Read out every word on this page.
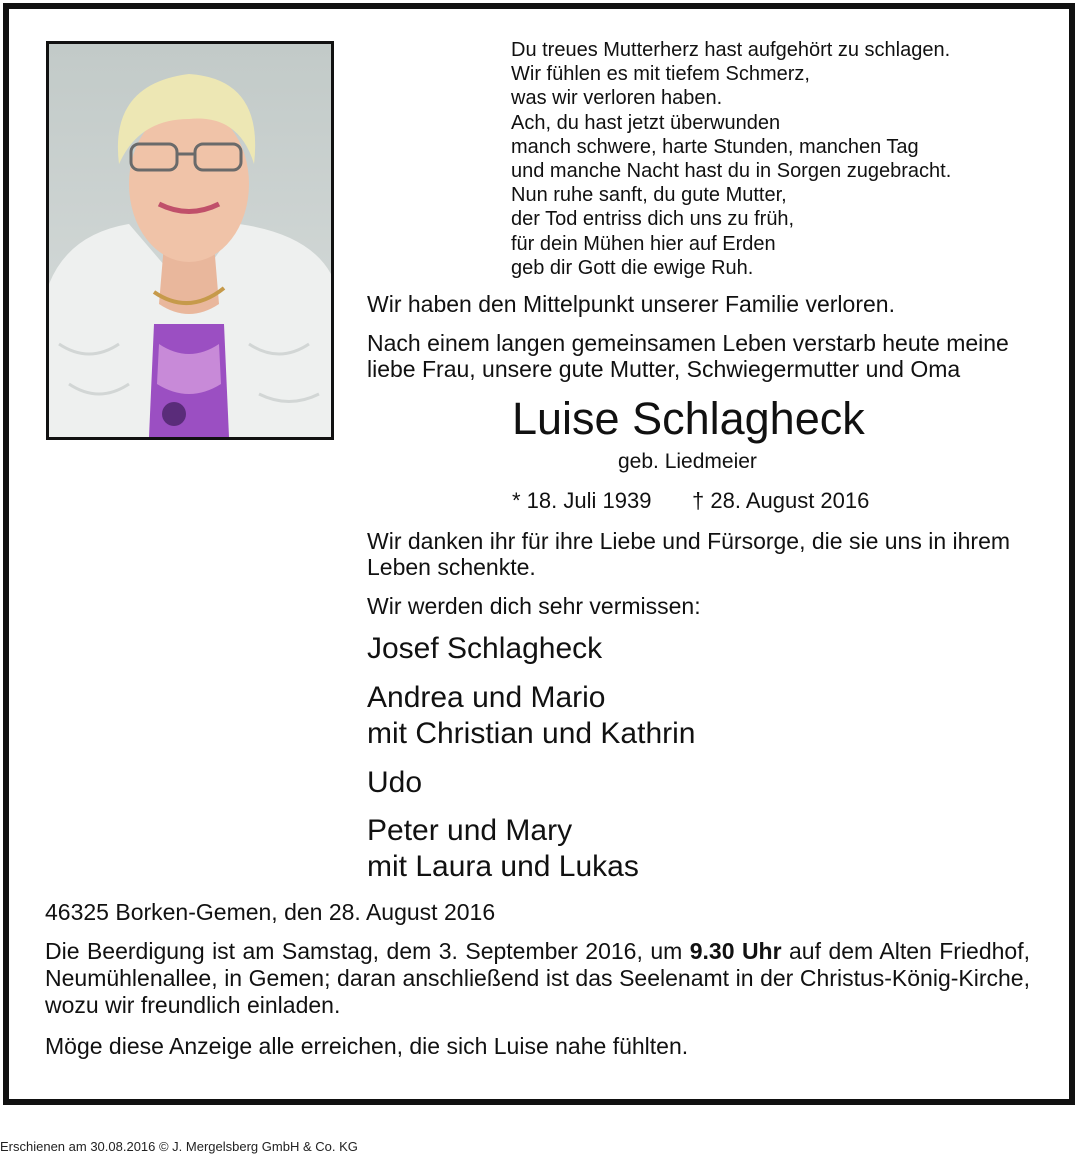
Du treues Mutterherz hast aufgehört zu schlagen.
Wir fühlen es mit tiefem Schmerz,
was wir verloren haben.
Ach, du hast jetzt überwunden
manch schwere, harte Stunden, manchen Tag
und manche Nacht hast du in Sorgen zugebracht.
Nun ruhe sanft, du gute Mutter,
der Tod entriss dich uns zu früh,
für dein Mühen hier auf Erden
geb dir Gott die ewige Ruh.
Wir haben den Mittelpunkt unserer Familie verloren.
Nach einem langen gemeinsamen Leben verstarb heute meine
liebe Frau, unsere gute Mutter, Schwiegermutter und Oma
Luise Schlagheck
geb. Liedmeier
* 18. Juli 1939 † 28. August 2016
Wir danken ihr für ihre Liebe und Fürsorge, die sie uns in ihrem
Leben schenkte.
Wir werden dich sehr vermissen:
Josef Schlagheck
Andrea und Mario
mit Christian und Kathrin
Udo
Peter und Mary
mit Laura und Lukas
46325 Borken-Gemen, den 28. August 2016
Die Beerdigung ist am Samstag, dem 3. September 2016, um 9.30 Uhr auf dem Alten Friedhof, Neumühlenallee, in Gemen; daran anschließend ist das Seelenamt in der Christus-König-Kirche, wozu wir freundlich einladen.
Möge diese Anzeige alle erreichen, die sich Luise nahe fühlten.
Erschienen am 30.08.2016 © J. Mergelsberg GmbH & Co. KG
